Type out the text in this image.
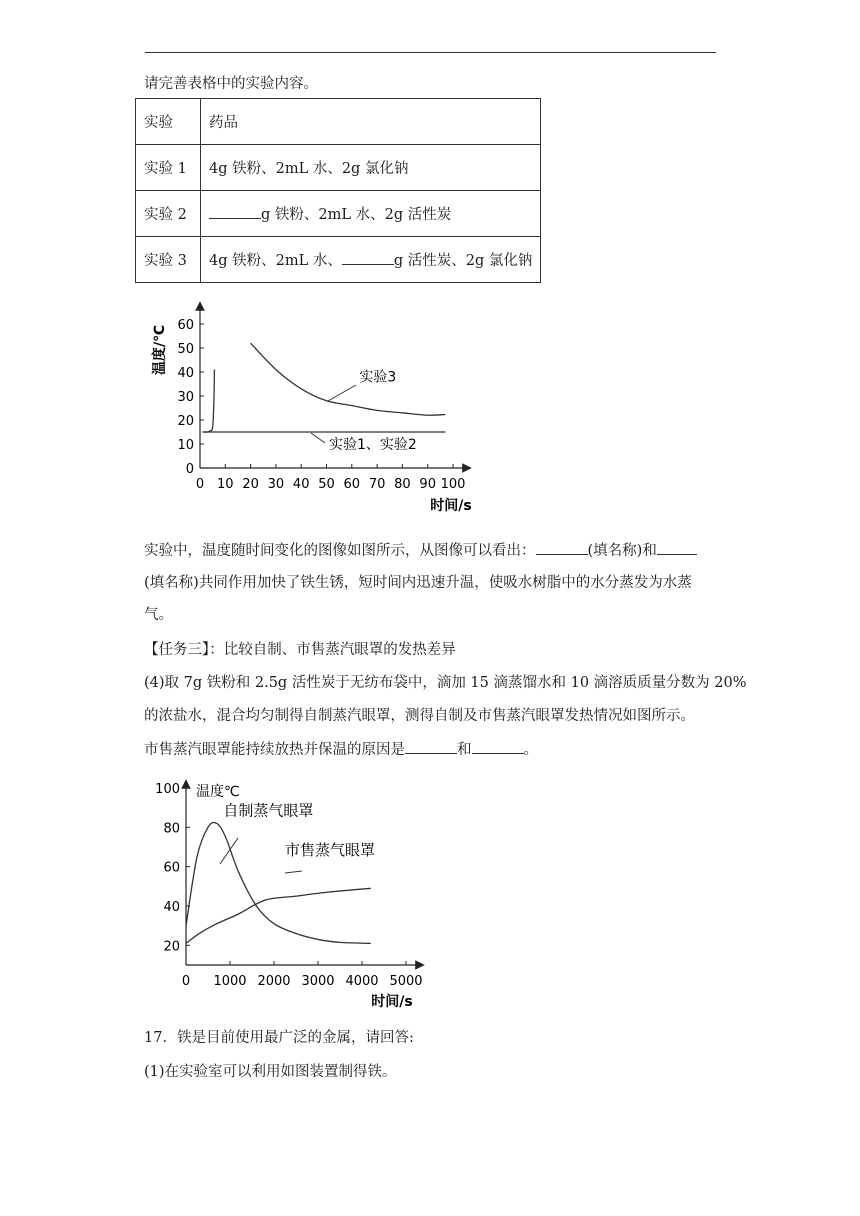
请完善表格中的实验内容。
实验	药品
实验 1	4g 铁粉、2mL 水、2g 氯化钠
实验 2	g 铁粉、2mL 水、2g 活性炭
实验 3	4g 铁粉、2mL 水、 g 活性炭、2g 氯化钠
温度/℃
时间/s
0 10 20 30 40 50 60 70 80 90 100
0
10
20
30
40
50
60
实验3
实验1、实验2
实验中，温度随时间变化的图像如图所示，从图像可以看出：	(填名称)和
(填名称)共同作用加快了铁生锈，短时间内迅速升温，使吸水树脂中的水分蒸发为水蒸
气。
【任务三】：比较自制、市售蒸汽眼罩的发热差异
(4)取 7g 铁粉和 2.5g 活性炭于无纺布袋中，滴加 15 滴蒸馏水和 10 滴溶质质量分数为 20%
的浓盐水，混合均匀制得自制蒸汽眼罩，测得自制及市售蒸汽眼罩发热情况如图所示。
市售蒸汽眼罩能持续放热并保温的原因是	和	。
温度℃
时间/s
0 1000 2000 3000 4000 5000
20
40
60
80
100
自制蒸气眼罩
市售蒸气眼罩
17．铁是目前使用最广泛的金属，请回答:
(1)在实验室可以利用如图装置制得铁。
